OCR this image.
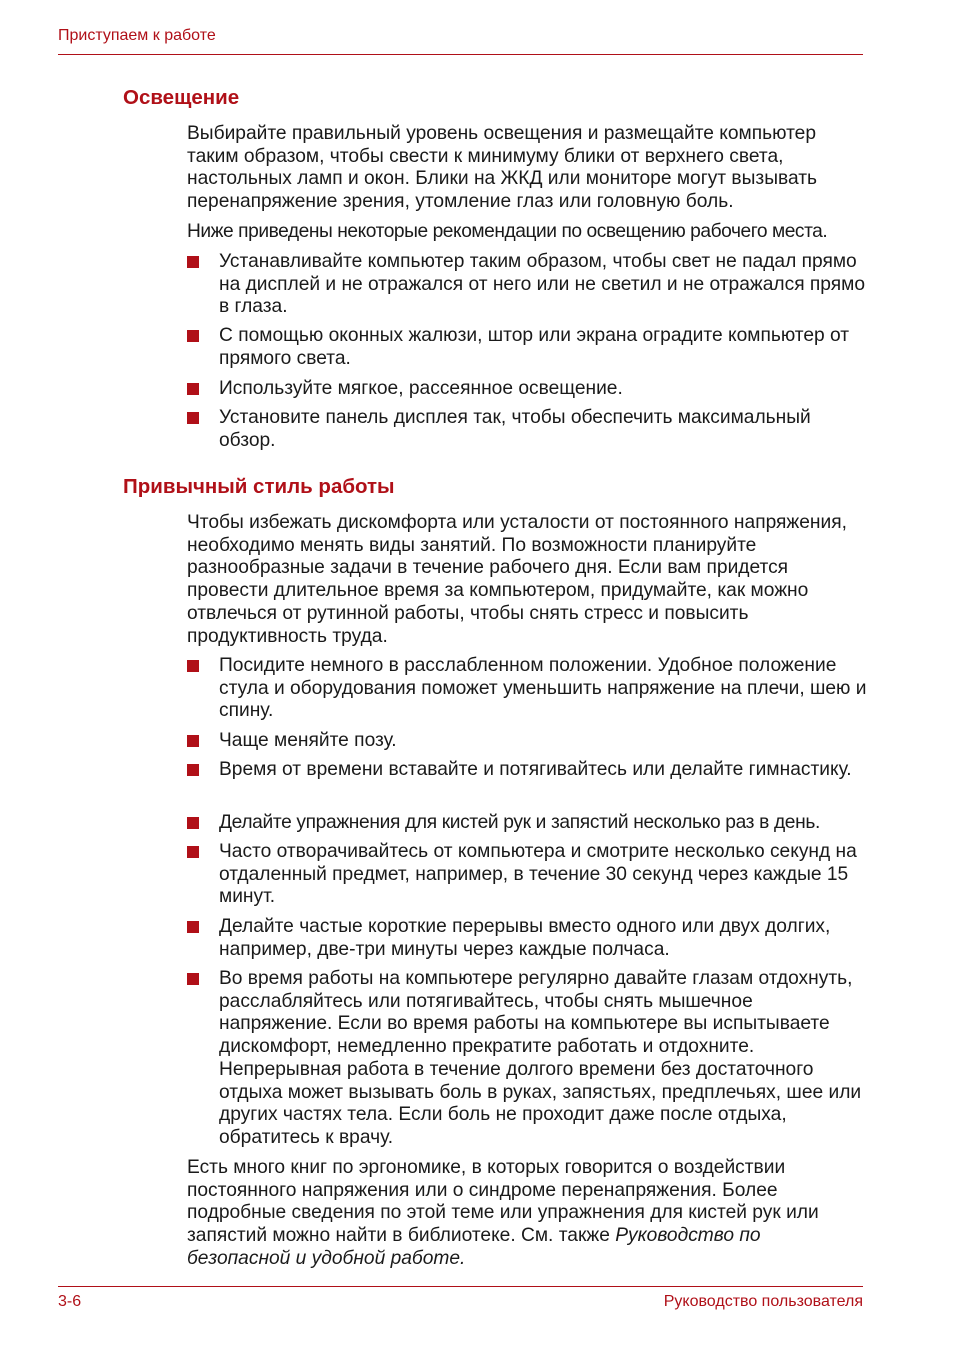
Приступаем к работе
Освещение

Выбирайте правильный уровень освещения и размещайте компьютер таким образом, чтобы свести к минимуму блики от верхнего света, настольных ламп и окон. Блики на ЖКД или мониторе могут вызывать перенапряжение зрения, утомление глаз или головную боль.

Ниже приведены некоторые рекомендации по освещению рабочего места.

Устанавливайте компьютер таким образом, чтобы свет не падал прямо на дисплей и не отражался от него или не светил и не отражался прямо в глаза.
С помощью оконных жалюзи, штор или экрана оградите компьютер от прямого света.
Используйте мягкое, рассеянное освещение.
Установите панель дисплея так, чтобы обеспечить максимальный обзор.
Привычный стиль работы

Чтобы избежать дискомфорта или усталости от постоянного напряжения, необходимо менять виды занятий. По возможности планируйте разнообразные задачи в течение рабочего дня. Если вам придется провести длительное время за компьютером, придумайте, как можно отвлечься от рутинной работы, чтобы снять стресс и повысить продуктивность труда.

Посидите немного в расслабленном положении. Удобное положение стула и оборудования поможет уменьшить напряжение на плечи, шею и спину.
Чаще меняйте позу.
Время от времени вставайте и потягивайтесь или делайте гимнастику.
Делайте упражнения для кистей рук и запястий несколько раз в день.
Часто отворачивайтесь от компьютера и смотрите несколько секунд на отдаленный предмет, например, в течение 30 секунд через каждые 15 минут.
Делайте частые короткие перерывы вместо одного или двух долгих, например, две-три минуты через каждые полчаса.
Во время работы на компьютере регулярно давайте глазам отдохнуть, расслабляйтесь или потягивайтесь, чтобы снять мышечное напряжение. Если во время работы на компьютере вы испытываете дискомфорт, немедленно прекратите работать и отдохните. Непрерывная работа в течение долгого времени без достаточного отдыха может вызывать боль в руках, запястьях, предплечьях, шее или других частях тела. Если боль не проходит даже после отдыха, обратитесь к врачу.

Есть много книг по эргономике, в которых говорится о воздействии постоянного напряжения или о синдроме перенапряжения. Более подробные сведения по этой теме или упражнения для кистей рук или запястий можно найти в библиотеке. См. также Руководство по безопасной и удобной работе.

3-6	Руководство пользователя
